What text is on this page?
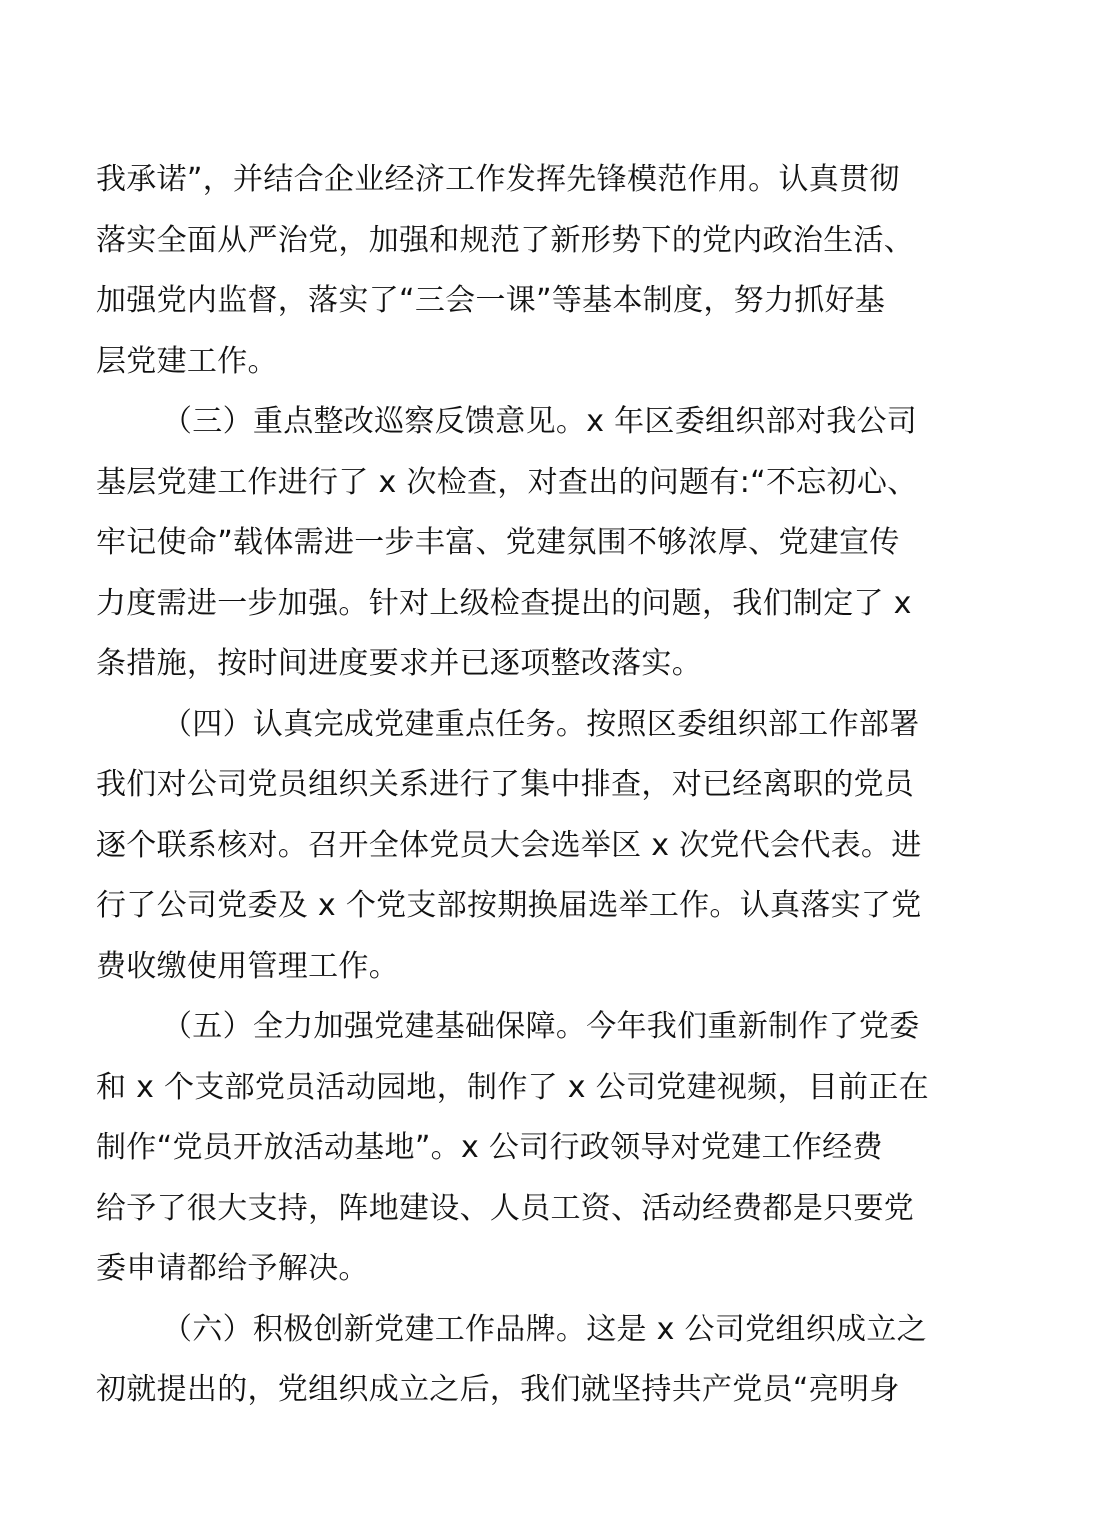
我承诺”，并结合企业经济工作发挥先锋模范作用。认真贯彻
落实全面从严治党，加强和规范了新形势下的党内政治生活、
加强党内监督，落实了“三会一课”等基本制度，努力抓好基
层党建工作。
（三）重点整改巡察反馈意见。x 年区委组织部对我公司
基层党建工作进行了 x 次检查，对查出的问题有:“不忘初心、
牢记使命”载体需进一步丰富、党建氛围不够浓厚、党建宣传
力度需进一步加强。针对上级检查提出的问题，我们制定了 x
条措施，按时间进度要求并已逐项整改落实。
（四）认真完成党建重点任务。按照区委组织部工作部署
我们对公司党员组织关系进行了集中排查，对已经离职的党员
逐个联系核对。召开全体党员大会选举区 x 次党代会代表。进
行了公司党委及 x 个党支部按期换届选举工作。认真落实了党
费收缴使用管理工作。
（五）全力加强党建基础保障。今年我们重新制作了党委
和 x 个支部党员活动园地，制作了 x 公司党建视频，目前正在
制作“党员开放活动基地”。x 公司行政领导对党建工作经费
给予了很大支持，阵地建设、人员工资、活动经费都是只要党
委申请都给予解决。
（六）积极创新党建工作品牌。这是 x 公司党组织成立之
初就提出的，党组织成立之后，我们就坚持共产党员“亮明身
